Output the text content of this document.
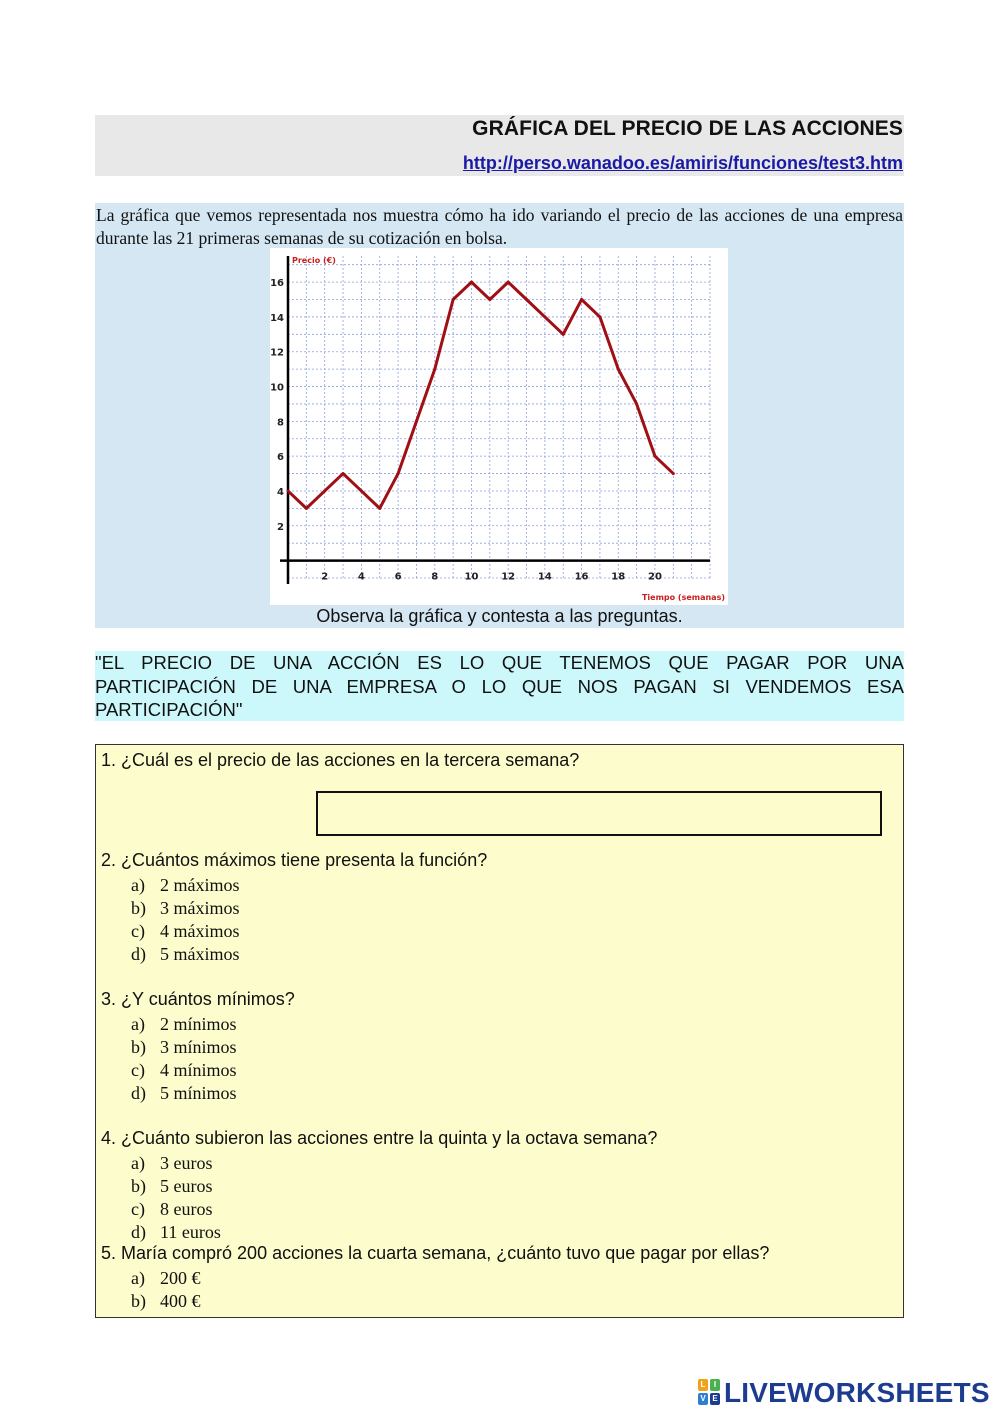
GRÁFICA DEL PRECIO DE LAS ACCIONES
http://perso.wanadoo.es/amiris/funciones/test3.htm
La gráfica que vemos representada nos muestra cómo ha ido variando el precio de las acciones de una empresa durante las 21 primeras semanas de su cotización en bolsa.
2
4
6
8
10
12
14
16
2	4	6	8	10 12 14 16 18 20
Precio (€)
Tiempo (semanas)
Observa la gráfica y contesta a las preguntas.
"EL PRECIO DE UNA ACCIÓN ES LO QUE TENEMOS QUE PAGAR POR UNA
PARTICIPACIÓN DE UNA EMPRESA O LO QUE NOS PAGAN SI VENDEMOS ESA
PARTICIPACIÓN"
1. ¿Cuál es el precio de las acciones en la tercera semana?
2. ¿Cuántos máximos tiene presenta la función?
a) 2 máximos
b) 3 máximos
c) 4 máximos
d) 5 máximos
3. ¿Y cuántos mínimos?
a) 2 mínimos
b) 3 mínimos
c) 4 mínimos
d) 5 mínimos
4. ¿Cuánto subieron las acciones entre la quinta y la octava semana?
a) 3 euros
b) 5 euros
c) 8 euros
d) 11 euros
5. María compró 200 acciones la cuarta semana, ¿cuánto tuvo que pagar por ellas?
a) 200 €
b) 400 €
L	I
V E LIVEWORKSHEETS
